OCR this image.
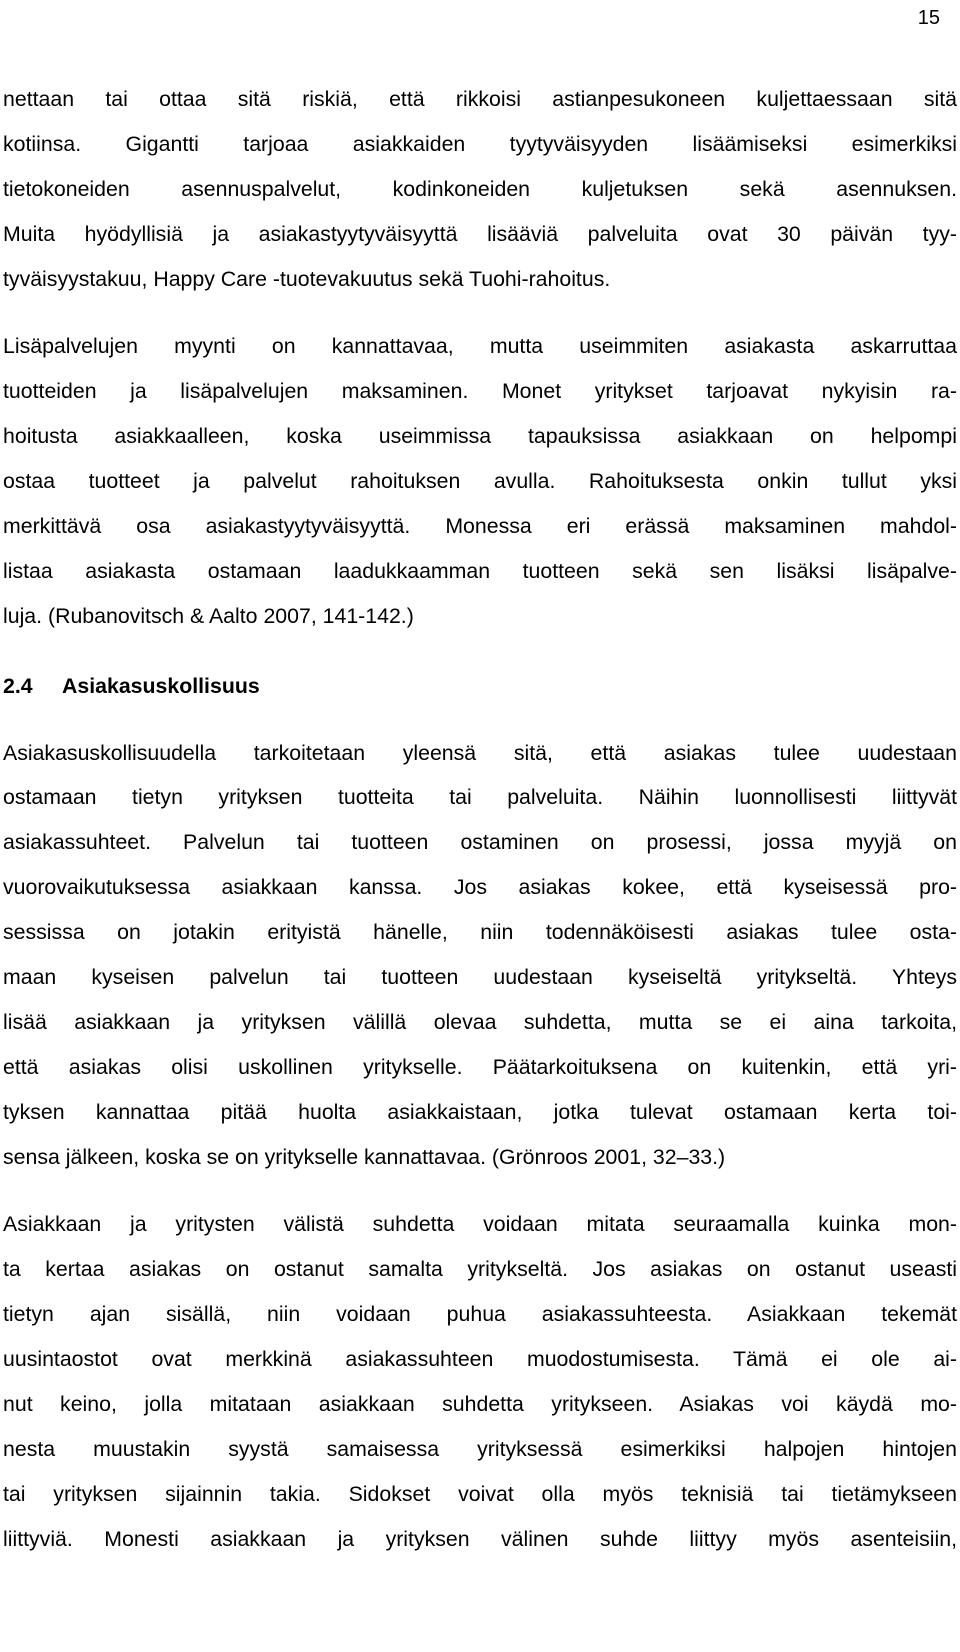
15
nettaan tai ottaa sitä riskiä, että rikkoisi astianpesukoneen kuljettaessaan sitä
kotiinsa. Gigantti tarjoaa asiakkaiden tyytyväisyyden lisäämiseksi esimerkiksi
tietokoneiden asennuspalvelut, kodinkoneiden kuljetuksen sekä asennuksen.
Muita hyödyllisiä ja asiakastyytyväisyyttä lisääviä palveluita ovat 30 päivän tyy-
tyväisyystakuu, Happy Care -tuotevakuutus sekä Tuohi-rahoitus.
Lisäpalvelujen myynti on kannattavaa, mutta useimmiten asiakasta askarruttaa
tuotteiden ja lisäpalvelujen maksaminen. Monet yritykset tarjoavat nykyisin ra-
hoitusta asiakkaalleen, koska useimmissa tapauksissa asiakkaan on helpompi
ostaa tuotteet ja palvelut rahoituksen avulla. Rahoituksesta onkin tullut yksi
merkittävä osa asiakastyytyväisyyttä. Monessa eri erässä maksaminen mahdol-
listaa asiakasta ostamaan laadukkaamman tuotteen sekä sen lisäksi lisäpalve-
luja. (Rubanovitsch & Aalto 2007, 141-142.)
2.4 Asiakasuskollisuus
Asiakasuskollisuudella tarkoitetaan yleensä sitä, että asiakas tulee uudestaan
ostamaan tietyn yrityksen tuotteita tai palveluita. Näihin luonnollisesti liittyvät
asiakassuhteet. Palvelun tai tuotteen ostaminen on prosessi, jossa myyjä on
vuorovaikutuksessa asiakkaan kanssa. Jos asiakas kokee, että kyseisessä pro-
sessissa on jotakin erityistä hänelle, niin todennäköisesti asiakas tulee osta-
maan kyseisen palvelun tai tuotteen uudestaan kyseiseltä yritykseltä. Yhteys
lisää asiakkaan ja yrityksen välillä olevaa suhdetta, mutta se ei aina tarkoita,
että asiakas olisi uskollinen yritykselle. Päätarkoituksena on kuitenkin, että yri-
tyksen kannattaa pitää huolta asiakkaistaan, jotka tulevat ostamaan kerta toi-
sensa jälkeen, koska se on yritykselle kannattavaa. (Grönroos 2001, 32–33.)
Asiakkaan ja yritysten välistä suhdetta voidaan mitata seuraamalla kuinka mon-
ta kertaa asiakas on ostanut samalta yritykseltä. Jos asiakas on ostanut useasti
tietyn ajan sisällä, niin voidaan puhua asiakassuhteesta. Asiakkaan tekemät
uusintaostot ovat merkkinä asiakassuhteen muodostumisesta. Tämä ei ole ai-
nut keino, jolla mitataan asiakkaan suhdetta yritykseen. Asiakas voi käydä mo-
nesta muustakin syystä samaisessa yrityksessä esimerkiksi halpojen hintojen
tai yrityksen sijainnin takia. Sidokset voivat olla myös teknisiä tai tietämykseen
liittyviä. Monesti asiakkaan ja yrityksen välinen suhde liittyy myös asenteisiin,
